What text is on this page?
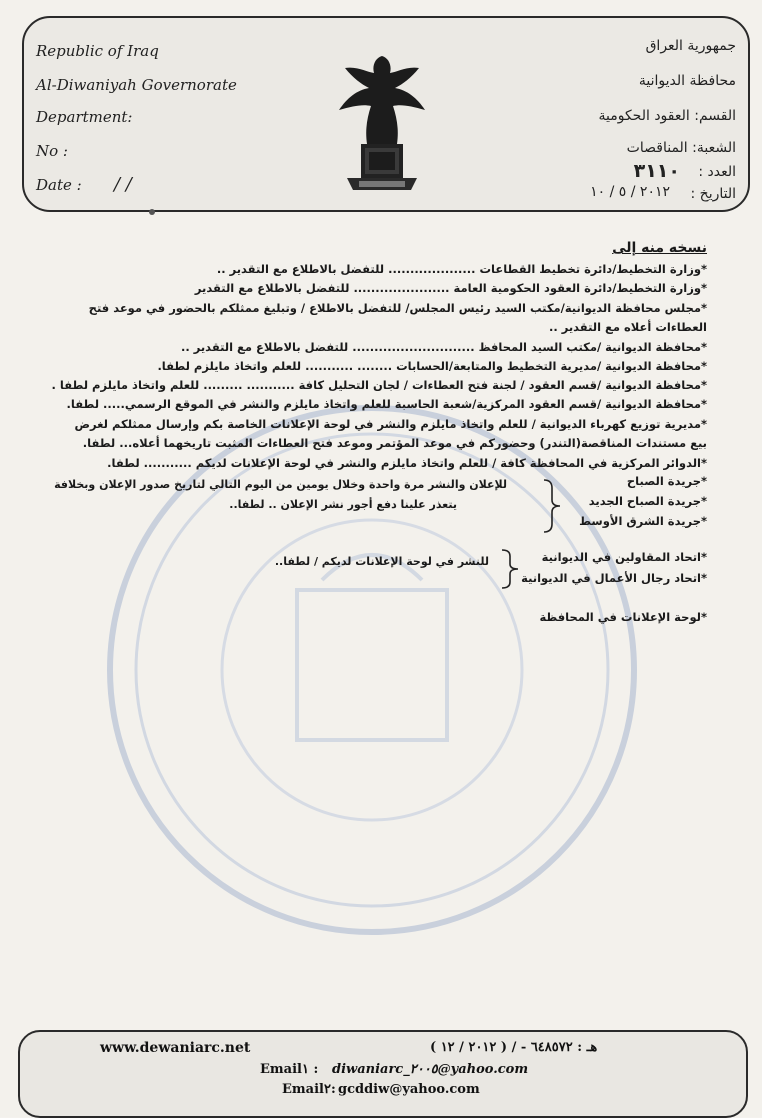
Republic of Iraq
Al-Diwaniyah Governorate
Department:
No :
Date : / /
جمهورية العراق
محافظة الديوانية
القسم: العقود الحكومية
الشعبة: المناقصات
العدد :
٣١١٠
التاريخ :
٢٠١٢ / ٥ / ١٠
نسخه منه إلى
*وزارة التخطيط/دائرة تخطيط القطاعات .................... للتفضل بالاطلاع مع التقدير ..
*وزارة التخطيط/دائرة العقود الحكومية العامة ...................... للتفضل بالاطلاع مع التقدير
*مجلس محافظة الديوانية/مكتب السيد رئيس المجلس/ للتفضل بالاطلاع / وتبليغ ممثلكم بالحضور في موعد فتح
العطاءات أعلاه مع التقدير ..
*محافظة الديوانية /مكتب السيد المحافظ ............................ للتفضل بالاطلاع مع التقدير ..
*محافظة الديوانية /مديرية التخطيط والمتابعة/الحسابات ........ ........... للعلم واتخاذ مايلزم لطفا.
*محافظة الديوانية /قسم العقود / لجنة فتح العطاءات / لجان التحليل كافة ........... ......... للعلم واتخاذ مايلزم لطفا .
*محافظة الديوانية /قسم العقود المركزية/شعبة الحاسبة للعلم واتخاذ مايلزم والنشر في الموقع الرسمي..... لطفا.
*مديرية توزيع كهرباء الديوانية / للعلم واتخاذ مايلزم والنشر في لوحة الإعلانات الخاصة بكم وإرسال ممثلكم لغرض
بيع مستندات المناقصة(التندر) وحضوركم في موعد المؤتمر وموعد فتح العطاءات المثبت تاريخهما أعلاه... لطفا.
*الدوائر المركزية في المحافظة كافة / للعلم واتخاذ مايلزم والنشر في لوحة الإعلانات لديكم ........... لطفا.
*جريدة الصباح
*جريدة الصباح الجديد
*جريدة الشرق الأوسط
للإعلان والنشر مرة واحدة وخلال يومين من اليوم التالي لتاريخ صدور الإعلان وبخلافة
يتعذر علينا دفع أجور نشر الإعلان .. لطفا..
*اتحاد المقاولين في الديوانية
*اتحاد رجال الأعمال في الديوانية
للنشر في لوحة الإعلانات لديكم / لطفا..
*لوحة الإعلانات في المحافظة
www.dewaniarc.net	هـ : ٦٤٨٥٧٢ - / ( ٢٠١٢ / ١٢ )
Email١ : diwaniarc_٢٠٠٥@yahoo.com
Email٢: gcddiw@yahoo.com
